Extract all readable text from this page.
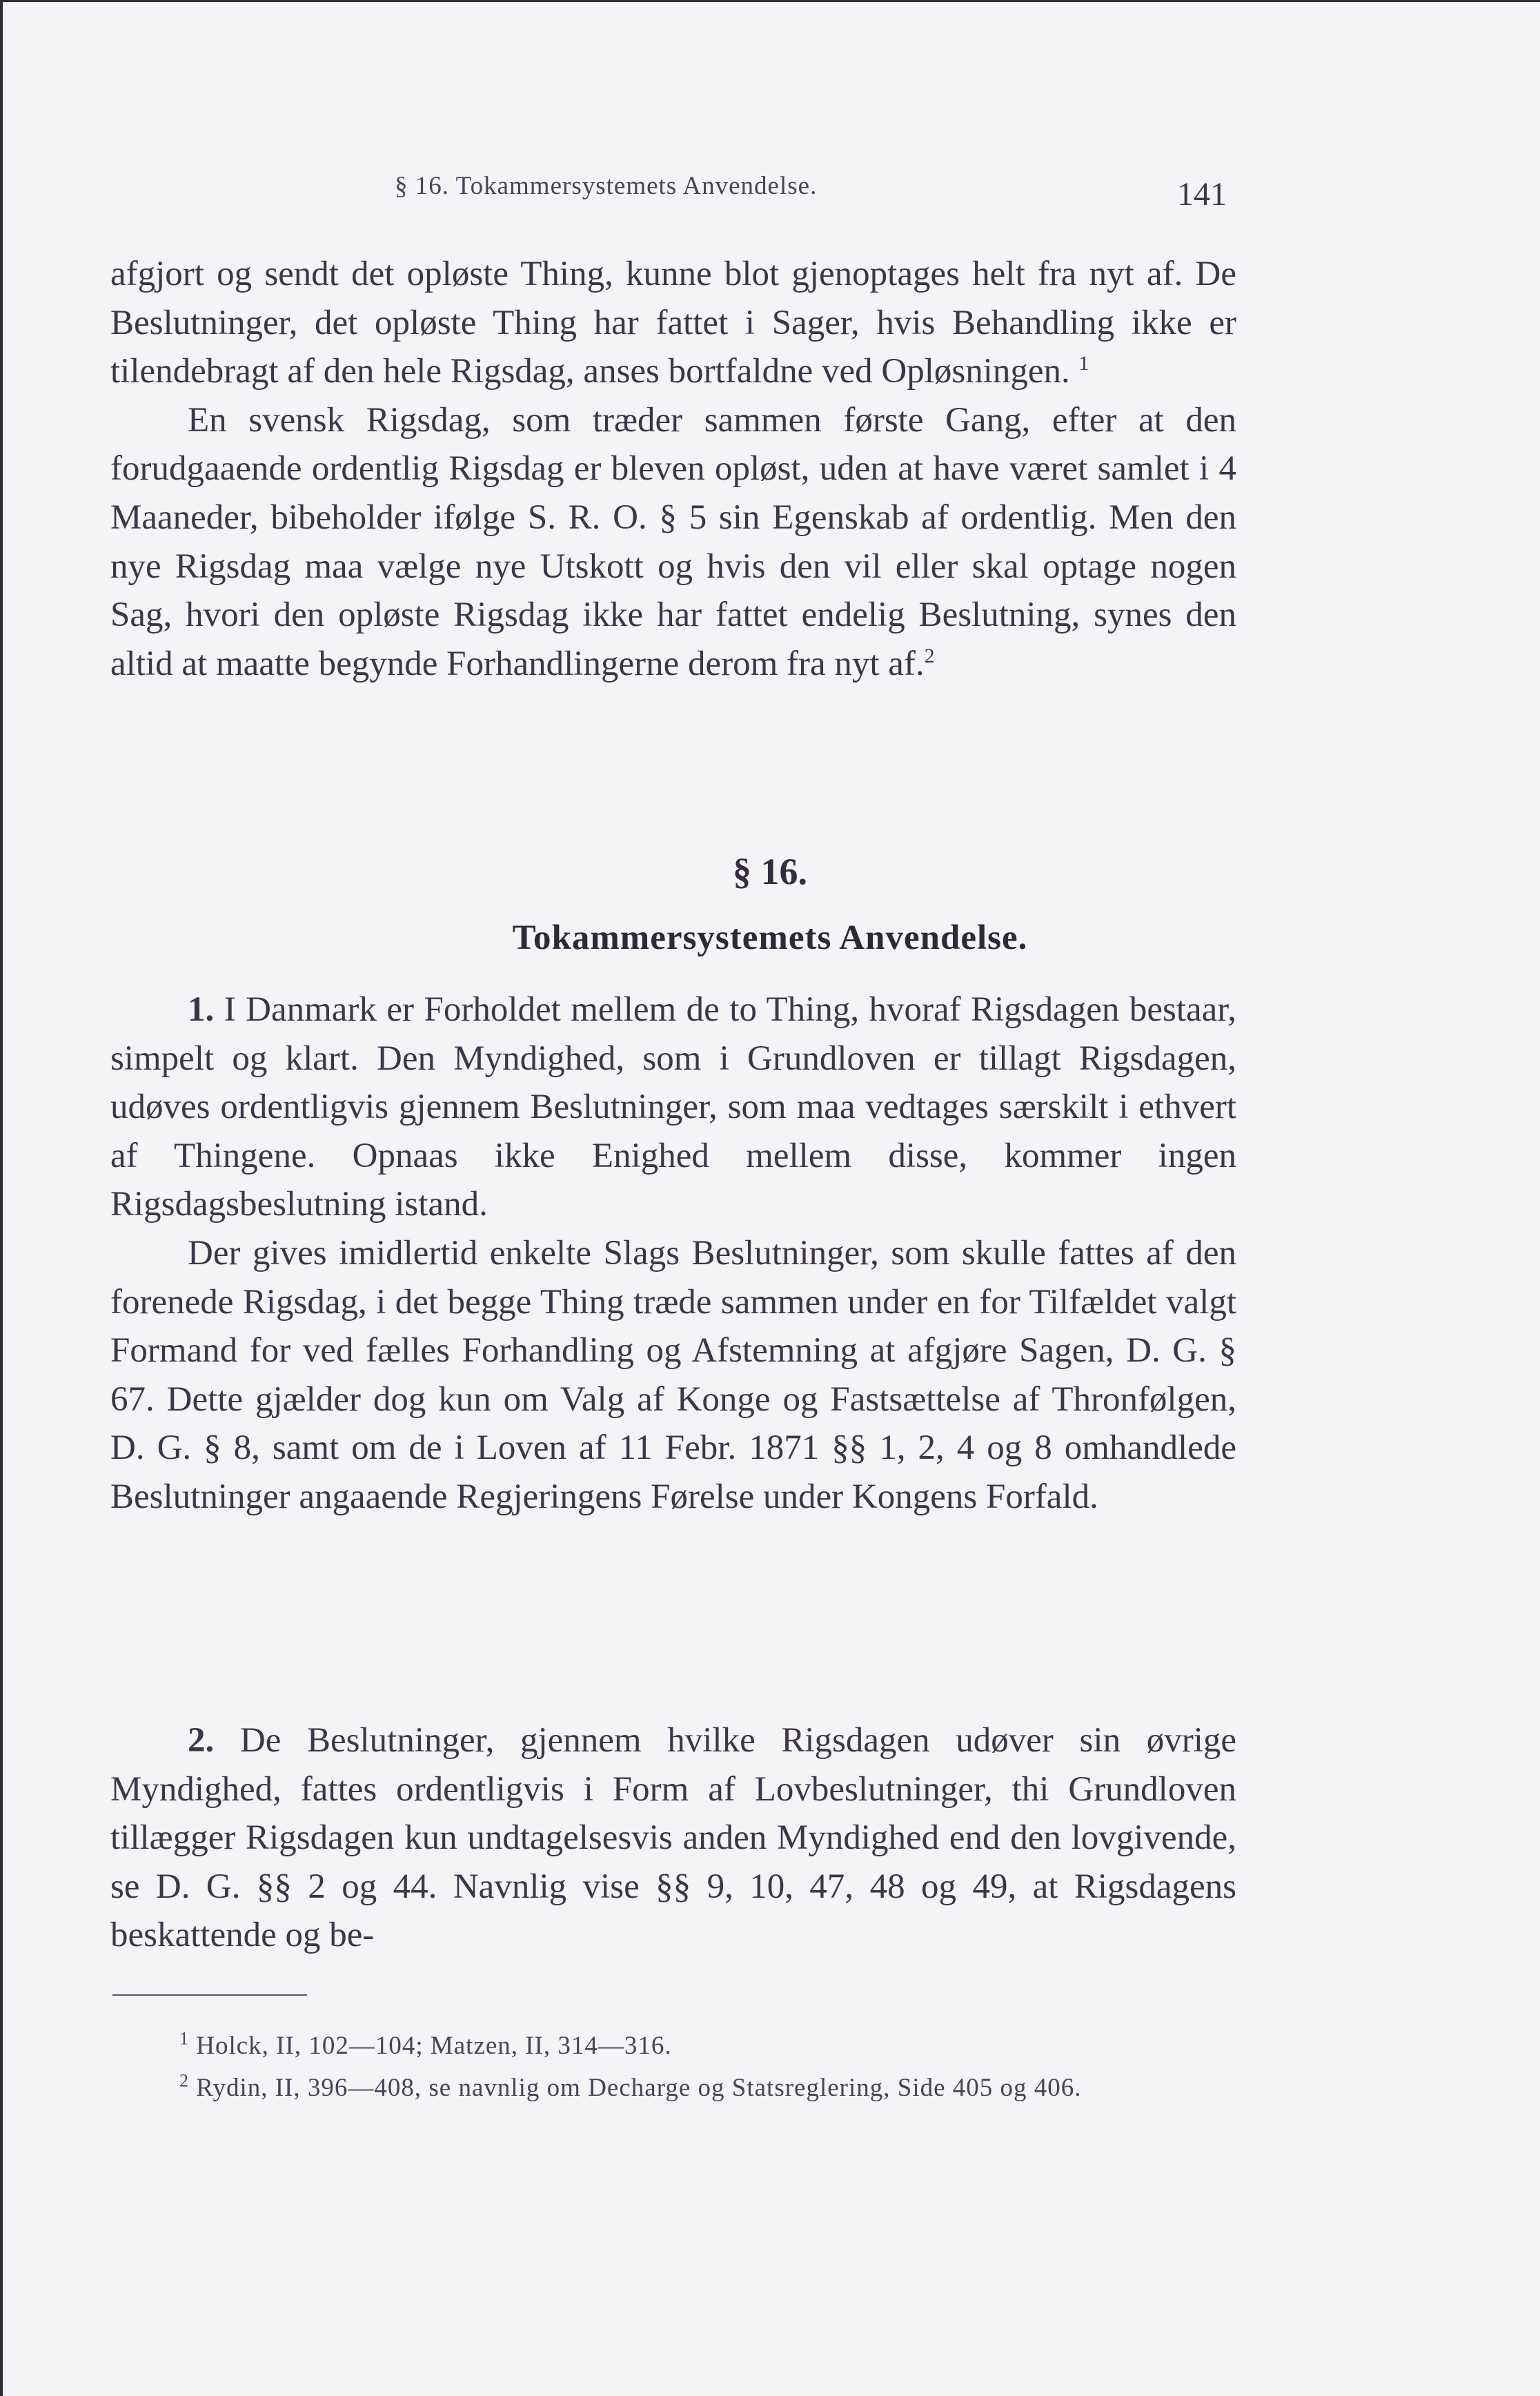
§ 16. Tokammersystemets Anvendelse.	141

afgjort og sendt det opløste Thing, kunne blot gjenoptages helt fra nyt af. De Beslutninger, det opløste Thing har fattet i Sager, hvis Behandling ikke er tilendebragt af den hele Rigsdag, anses bortfaldne ved Opløsningen. $^1$

En svensk Rigsdag, som træder sammen første Gang, efter at den forudgaaende ordentlig Rigsdag er bleven opløst, uden at have været samlet i 4 Maaneder, bibeholder ifølge S. R. O. § 5 sin Egenskab af ordentlig. Men den nye Rigsdag maa vælge nye Utskott og hvis den vil eller skal optage nogen Sag, hvori den opløste Rigsdag ikke har fattet endelig Beslutning, synes den altid at maatte begynde Forhandlingerne derom fra nyt af.$^2$

§ 16.
Tokammersystemets Anvendelse.

1. I Danmark er Forholdet mellem de to Thing, hvoraf Rigsdagen bestaar, simpelt og klart. Den Myndighed, som i Grundloven er tillagt Rigsdagen, udøves ordentligvis gjennem Beslutninger, som maa vedtages særskilt i ethvert af Thingene. Opnaas ikke Enighed mellem disse, kommer ingen Rigsdagsbeslutning istand.

Der gives imidlertid enkelte Slags Beslutninger, som skulle fattes af den forenede Rigsdag, i det begge Thing træde sammen under en for Tilfældet valgt Formand for ved fælles Forhandling og Afstemning at afgjøre Sagen, D. G. § 67. Dette gjælder dog kun om Valg af Konge og Fastsættelse af Thronfølgen, D. G. § 8, samt om de i Loven af 11 Febr. 1871 §§ 1, 2, 4 og 8 omhandlede Beslutninger angaaende Regjeringens Førelse under Kongens Forfald.

2. De Beslutninger, gjennem hvilke Rigsdagen udøver sin øvrige Myndighed, fattes ordentligvis i Form af Lovbeslutninger, thi Grundloven tillægger Rigsdagen kun undtagelsesvis anden Myndighed end den lovgivende, se D. G. §§ 2 og 44. Navnlig vise §§ 9, 10, 47, 48 og 49, at Rigsdagens beskattende og be-

$^1$ Holck, II, 102—104; Matzen, II, 314—316.

$^2$ Rydin, II, 396—408, se navnlig om Decharge og Statsreglering, Side 405 og 406.
